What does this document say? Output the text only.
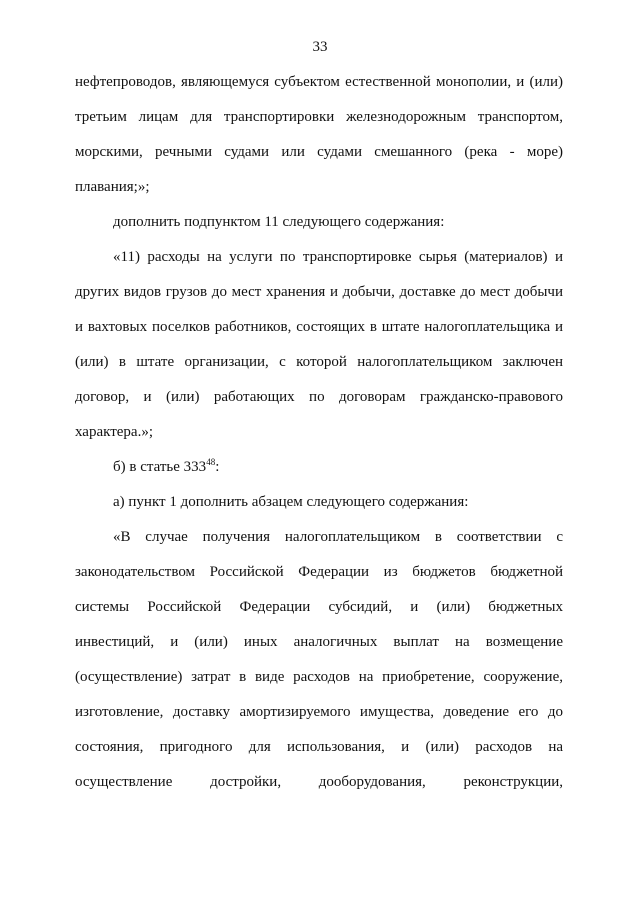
33
нефтепроводов, являющемуся субъектом естественной монополии, и (или)
третьим лицам для транспортировки железнодорожным транспортом,
морскими, речными судами или судами смешанного (река - море)
плавания;»;
дополнить подпунктом 11 следующего содержания:
«11) расходы на услуги по транспортировке сырья (материалов) и
других видов грузов до мест хранения и добычи, доставке до мест добычи
и вахтовых поселков работников, состоящих в штате налогоплательщика и
(или) в штате организации, с которой налогоплательщиком заключен
договор, и (или) работающих по договорам гражданско-правового
характера.»;
б) в статье $333^{48}$:
а) пункт 1 дополнить абзацем следующего содержания:
«В случае получения налогоплательщиком в соответствии с
законодательством Российской Федерации из бюджетов бюджетной
системы Российской Федерации субсидий, и (или) бюджетных
инвестиций, и (или) иных аналогичных выплат на возмещение
(осуществление) затрат в виде расходов на приобретение, сооружение,
изготовление, доставку амортизируемого имущества, доведение его до
состояния, пригодного для использования, и (или) расходов на
осуществление достройки, дооборудования, реконструкции,
